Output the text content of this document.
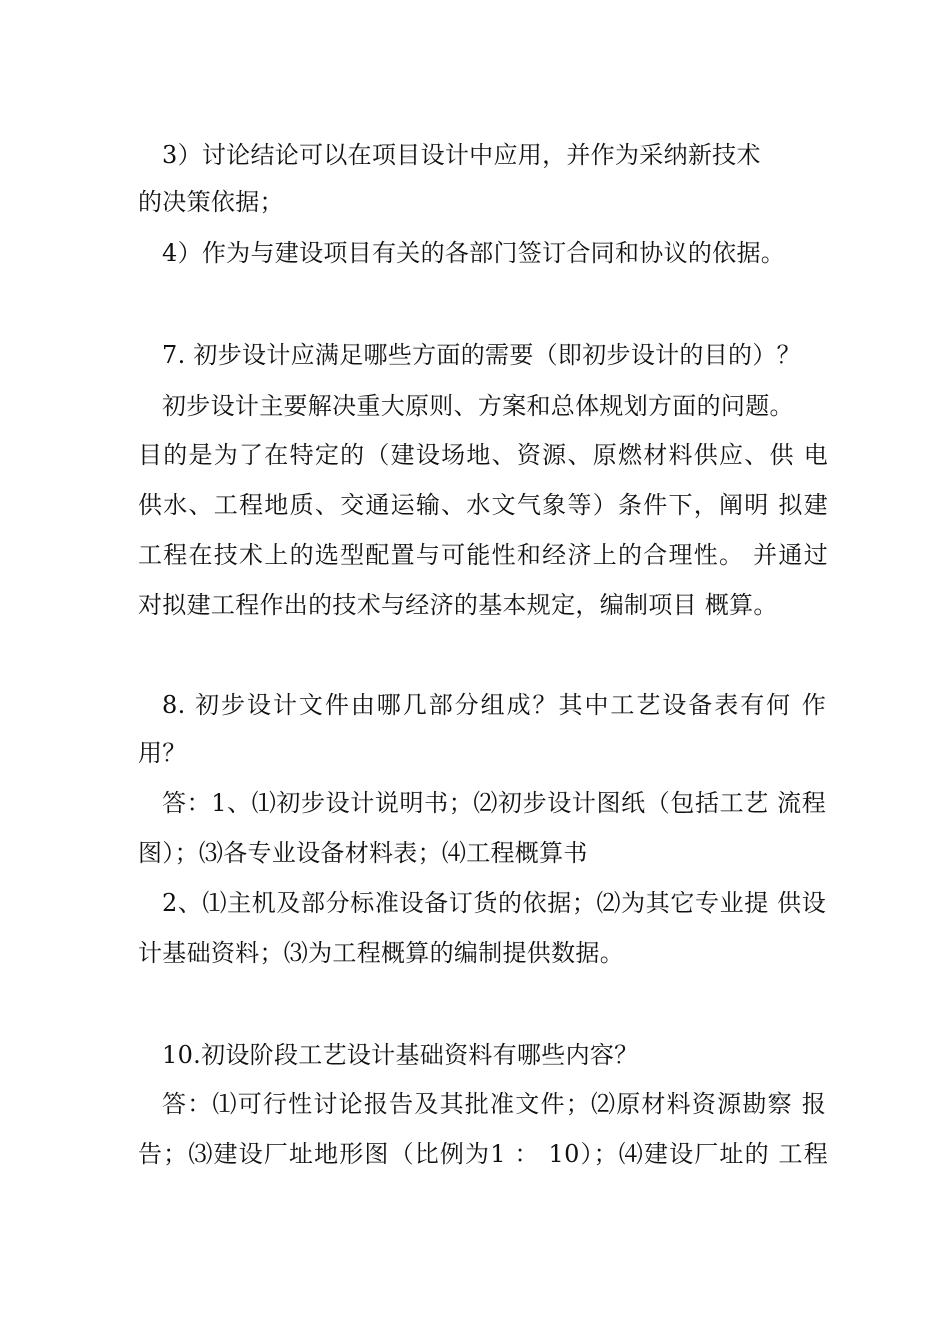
3）讨论结论可以在项目设计中应用，并作为采纳新技术
的决策依据；
4）作为与建设项目有关的各部门签订合同和协议的依据。
7. 初步设计应满足哪些方面的需要（即初步设计的目的）？
初步设计主要解决重大原则、方案和总体规划方面的问题。
目的是为了在特定的（建设场地、资源、原燃材料供应、供 电
供水、工程地质、交通运输、水文气象等）条件下，阐明 拟建
工程在技术上的选型配置与可能性和经济上的合理性。 并通过
对拟建工程作出的技术与经济的基本规定，编制项目 概算。
8. 初步设计文件由哪几部分组成？其中工艺设备表有何 作
用？
答：1、⑴初步设计说明书；⑵初步设计图纸（包括工艺 流程
图）；⑶各专业设备材料表；⑷工程概算书
2、⑴主机及部分标准设备订货的依据；⑵为其它专业提 供设
计基础资料；⑶为工程概算的编制提供数据。
10.初设阶段工艺设计基础资料有哪些内容？
答：⑴可行性讨论报告及其批准文件；⑵原材料资源勘察 报
告；⑶建设厂址地形图（比例为1 ： 10）；⑷建设厂址的 工程
